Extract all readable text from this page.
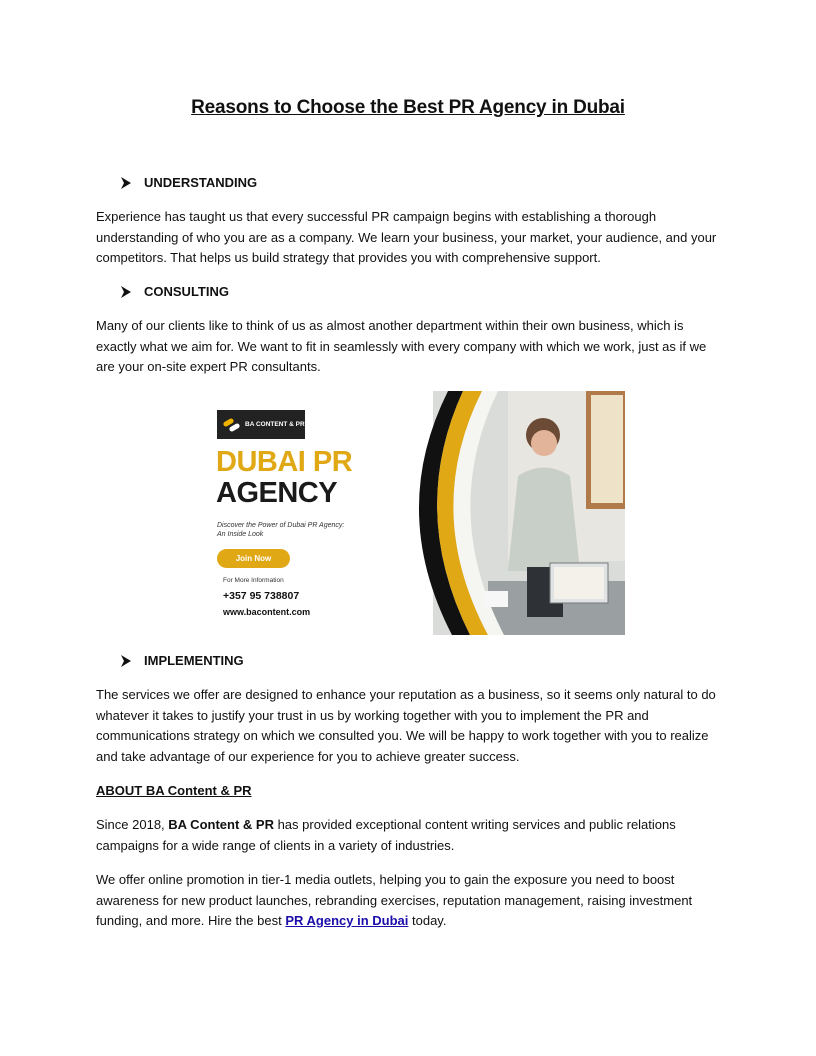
Reasons to Choose the Best PR Agency in Dubai
UNDERSTANDING
Experience has taught us that every successful PR campaign begins with establishing a thorough understanding of who you are as a company. We learn your business, your market, your audience, and your competitors. That helps us build strategy that provides you with comprehensive support.
CONSULTING
Many of our clients like to think of us as almost another department within their own business, which is exactly what we aim for. We want to fit in seamlessly with every company with which we work, just as if we are your on-site expert PR consultants.
BA CONTENT & PR
DUBAI PR
AGENCY
Discover the Power of Dubai PR Agency: An Inside Look
Join Now
For More Information
+357 95 738807
www.bacontent.com
IMPLEMENTING
The services we offer are designed to enhance your reputation as a business, so it seems only natural to do whatever it takes to justify your trust in us by working together with you to implement the PR and communications strategy on which we consulted you. We will be happy to work together with you to realize and take advantage of our experience for you to achieve greater success.
ABOUT BA Content & PR
Since 2018, BA Content & PR has provided exceptional content writing services and public relations campaigns for a wide range of clients in a variety of industries.
We offer online promotion in tier-1 media outlets, helping you to gain the exposure you need to boost awareness for new product launches, rebranding exercises, reputation management, raising investment funding, and more. Hire the best PR Agency in Dubai today.
